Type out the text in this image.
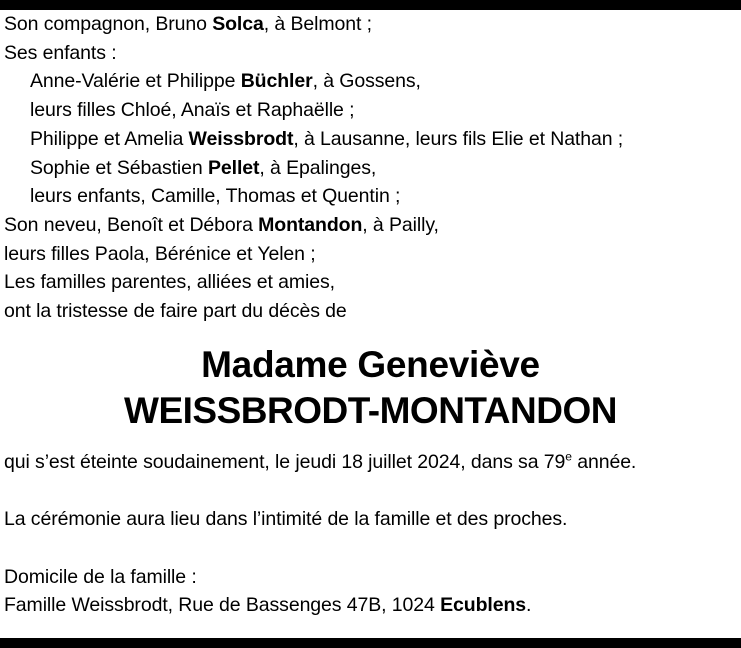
Son compagnon, Bruno Solca, à Belmont ;
Ses enfants :
Anne-Valérie et Philippe Büchler, à Gossens,
leurs filles Chloé, Anaïs et Raphaëlle ;
Philippe et Amelia Weissbrodt, à Lausanne, leurs fils Elie et Nathan ;
Sophie et Sébastien Pellet, à Epalinges,
leurs enfants, Camille, Thomas et Quentin ;
Son neveu, Benoît et Débora Montandon, à Pailly,
leurs filles Paola, Bérénice et Yelen ;
Les familles parentes, alliées et amies,
ont la tristesse de faire part du décès de
Madame Geneviève
WEISSBRODT-MONTANDON
qui s’est éteinte soudainement, le jeudi 18 juillet 2024, dans sa 79e année.

La cérémonie aura lieu dans l’intimité de la famille et des proches.

Domicile de la famille :
Famille Weissbrodt, Rue de Bassenges 47B, 1024 Ecublens.
